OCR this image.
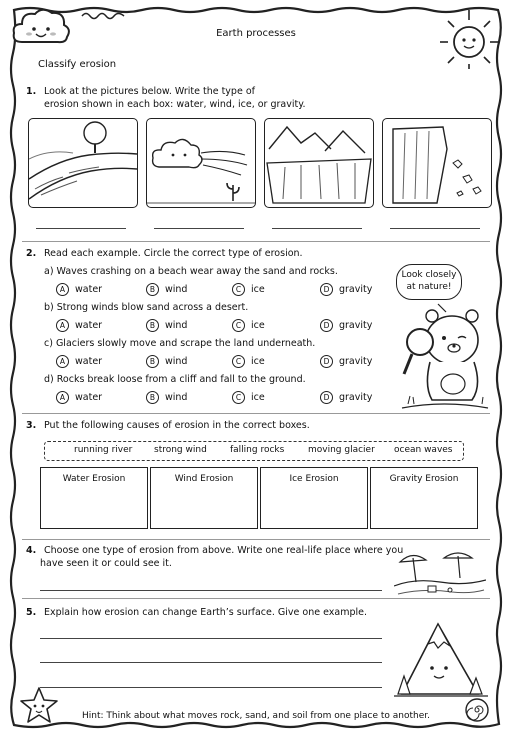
Earth processes
Classify erosion
1. Look at the pictures below. Write the type of
erosion shown in each box: water, wind, ice, or gravity.
2. Read each example. Circle the correct type of erosion.
a) Waves crashing on a beach wear away the sand and rocks.
A water	B wind	C ice	D gravity
b) Strong winds blow sand across a desert.
A water	B wind	C ice	D gravity
c) Glaciers slowly move and scrape the land underneath.
A water	B wind	C ice	D gravity
d) Rocks break loose from a cliff and fall to the ground.
A water	B wind	C ice	D gravity
Look closely
at nature!
3. Put the following causes of erosion in the correct boxes.
running river strong wind	falling rocks	moving glacier ocean waves
Water Erosion	Wind Erosion	Ice Erosion	Gravity Erosion
4. Choose one type of erosion from above. Write one real-life place where you
have seen it or could see it.
5. Explain how erosion can change Earth’s surface. Give one example.
Hint: Think about what moves rock, sand, and soil from one place to another.
